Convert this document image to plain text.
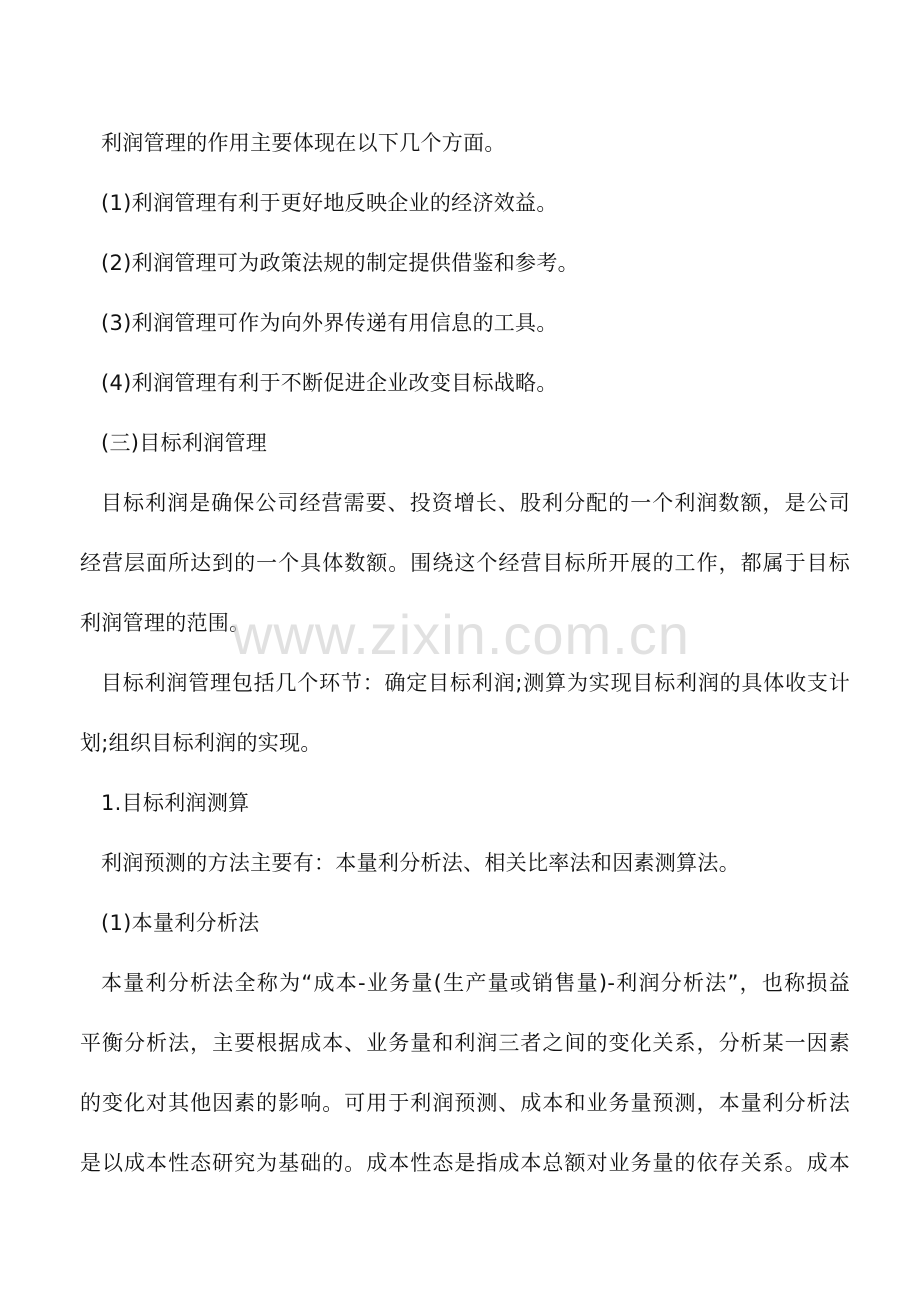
利润管理的作用主要体现在以下几个方面。
(1)利润管理有利于更好地反映企业的经济效益。
(2)利润管理可为政策法规的制定提供借鉴和参考。
(3)利润管理可作为向外界传递有用信息的工具。
(4)利润管理有利于不断促进企业改变目标战略。
(三)目标利润管理
目标利润是确保公司经营需要、投资增长、股利分配的一个利润数额，是公司
经营层面所达到的一个具体数额。围绕这个经营目标所开展的工作，都属于目标
利润管理的范围。
目标利润管理包括几个环节：确定目标利润;测算为实现目标利润的具体收支计
划;组织目标利润的实现。
1.目标利润测算
利润预测的方法主要有：本量利分析法、相关比率法和因素测算法。
(1)本量利分析法
本量利分析法全称为“成本-业务量(生产量或销售量)-利润分析法”，也称损益
平衡分析法，主要根据成本、业务量和利润三者之间的变化关系，分析某一因素
的变化对其他因素的影响。可用于利润预测、成本和业务量预测，本量利分析法
是以成本性态研究为基础的。成本性态是指成本总额对业务量的依存关系。成本
www.zixin.com.cn
